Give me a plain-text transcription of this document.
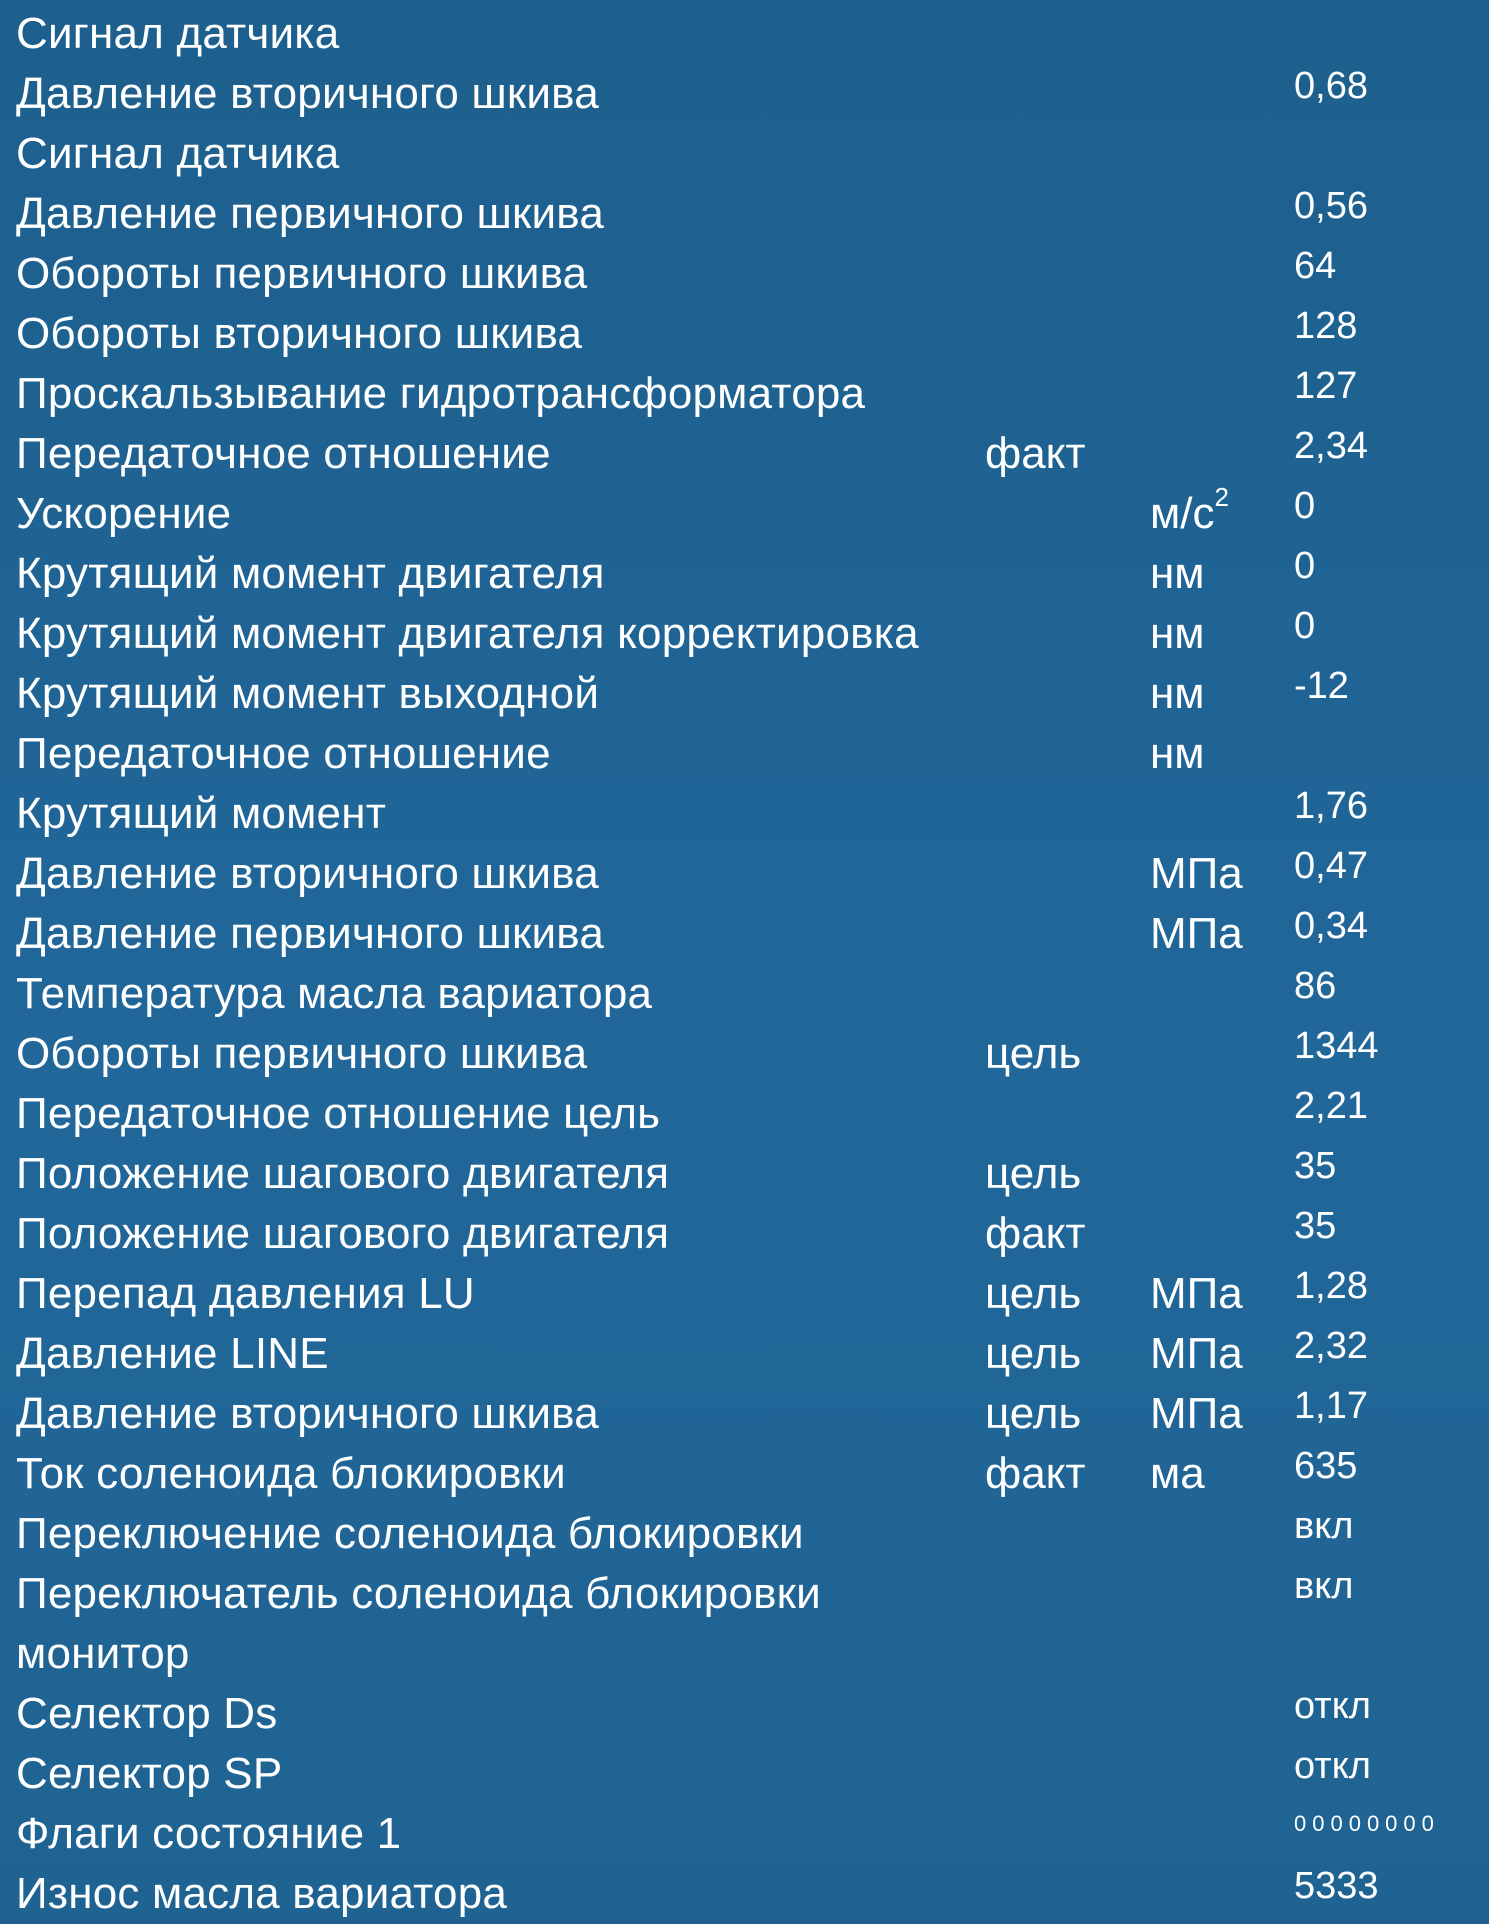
Сигнал датчика
Давление вторичного шкива	0,68
Сигнал датчика
Давление первичного шкива	0,56
Обороты первичного шкива	64
Обороты вторичного шкива	128
Проскальзывание гидротрансформатора	127
Передаточное отношение	факт	2,34
Ускорение	$м/с^2$ 0
Крутящий момент двигателя	нм 0
Крутящий момент двигателя корректировка	нм 0
Крутящий момент выходной	нм -12
Передаточное отношение	нм
Крутящий момент	1,76
Давление вторичного шкива	МПа 0,47
Давление первичного шкива	МПа 0,34
Температура масла вариатора	86
Обороты первичного шкива	цель	1344
Передаточное отношение цель	2,21
Положение шагового двигателя	цель	35
Положение шагового двигателя	факт	35
Перепад давления LU	цель МПа 1,28
Давление LINE	цель МПа 2,32
Давление вторичного шкива	цель МПа 1,17
Ток соленоида блокировки	факт ма 635
Переключение соленоида блокировки	вкл
Переключатель соленоида блокировки	вкл
монитор
Селектор Ds	откл
Селектор SP	откл
Флаги состояние 1	00000000
Износ масла вариатора	5333
